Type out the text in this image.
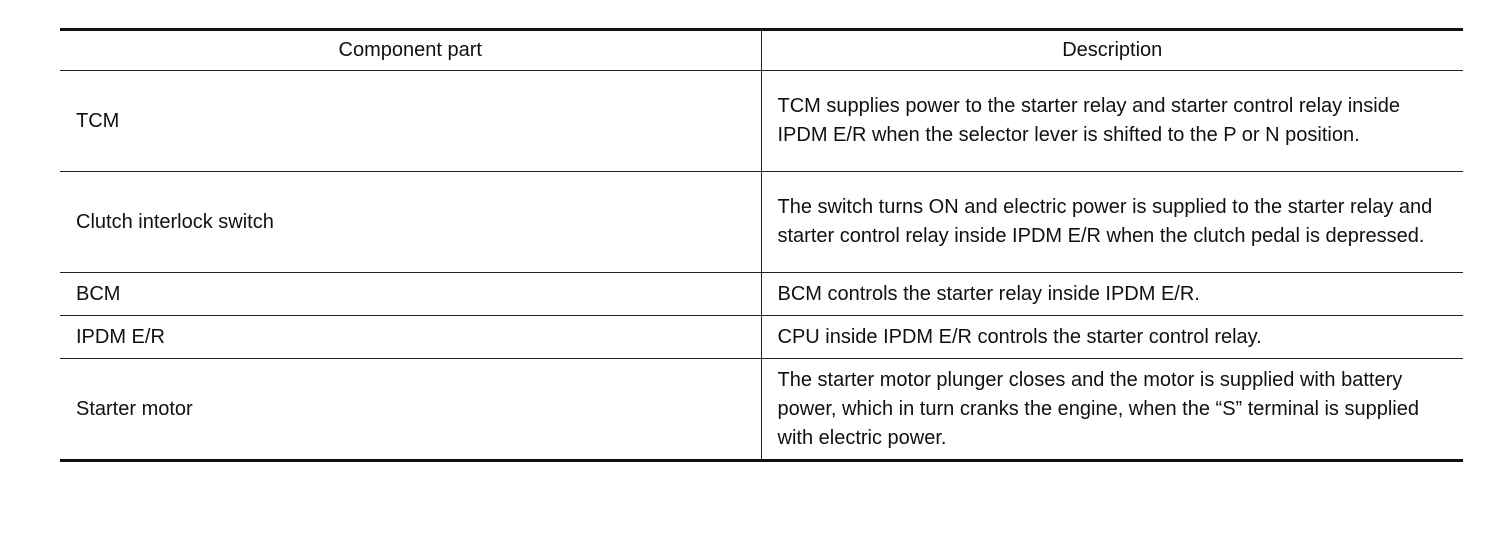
Component part	Description
TCM	TCM supplies power to the starter relay and starter control relay inside IPDM E/R when the selector lever is shifted to the P or N position.

Clutch interlock switch	The switch turns ON and electric power is supplied to the starter relay and starter control relay inside IPDM E/R when the clutch pedal is depressed.

BCM	BCM controls the starter relay inside IPDM E/R.

IPDM E/R	CPU inside IPDM E/R controls the starter control relay.

Starter motor	The starter motor plunger closes and the motor is supplied with battery power, which in turn cranks the engine, when the “S” terminal is supplied with electric power.
